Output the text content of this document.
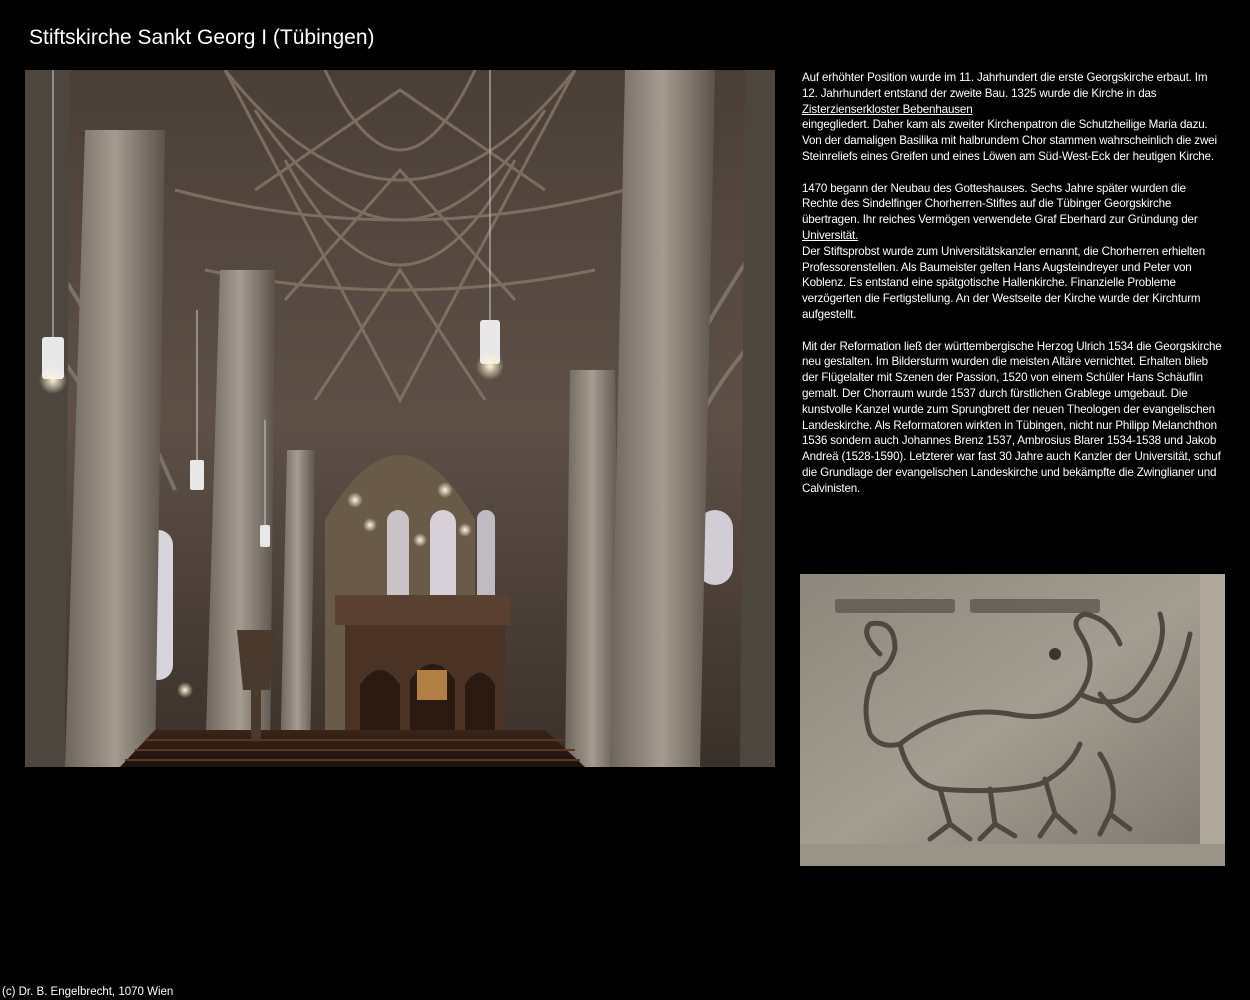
Stiftskirche Sankt Georg I (Tübingen)

Auf erhöhter Position wurde im 11. Jahrhundert die erste Georgskirche erbaut. Im 12. Jahrhundert entstand der zweite Bau. 1325 wurde die Kirche in das
Zisterzienserkloster Bebenhausen
eingegliedert. Daher kam als zweiter Kirchenpatron die Schutzheilige Maria dazu. Von der damaligen Basilika mit halbrundem Chor stammen wahrscheinlich die zwei Steinreliefs eines Greifen und eines Löwen am Süd-West-Eck der heutigen Kirche.

1470 begann der Neubau des Gotteshauses. Sechs Jahre später wurden die Rechte des Sindelfinger Chorherren-Stiftes auf die Tübinger Georgskirche übertragen. Ihr reiches Vermögen verwendete Graf Eberhard zur Gründung der
Universität.
Der Stiftsprobst wurde zum Universitätskanzler ernannt, die Chorherren erhielten Professorenstellen. Als Baumeister gelten Hans Augsteindreyer und Peter von Koblenz. Es entstand eine spätgotische Hallenkirche. Finanzielle Probleme verzögerten die Fertigstellung. An der Westseite der Kirche wurde der Kirchturm aufgestellt.

Mit der Reformation ließ der württembergische Herzog Ulrich 1534 die Georgskirche neu gestalten. Im Bildersturm wurden die meisten Altäre vernichtet. Erhalten blieb der Flügelalter mit Szenen der Passion, 1520 von einem Schüler Hans Schäuflin gemalt. Der Chorraum wurde 1537 durch fürstlichen Grablege umgebaut. Die kunstvolle Kanzel wurde zum Sprungbrett der neuen Theologen der evangelischen Landeskirche. Als Reformatoren wirkten in Tübingen, nicht nur Philipp Melanchthon 1536 sondern auch Johannes Brenz 1537, Ambrosius Blarer 1534-1538 und Jakob Andreä (1528-1590). Letzterer war fast 30 Jahre auch Kanzler der Universität, schuf die Grundlage der evangelischen Landeskirche und bekämpfte die Zwinglianer und Calvinisten.

(c) Dr. B. Engelbrecht, 1070 Wien
